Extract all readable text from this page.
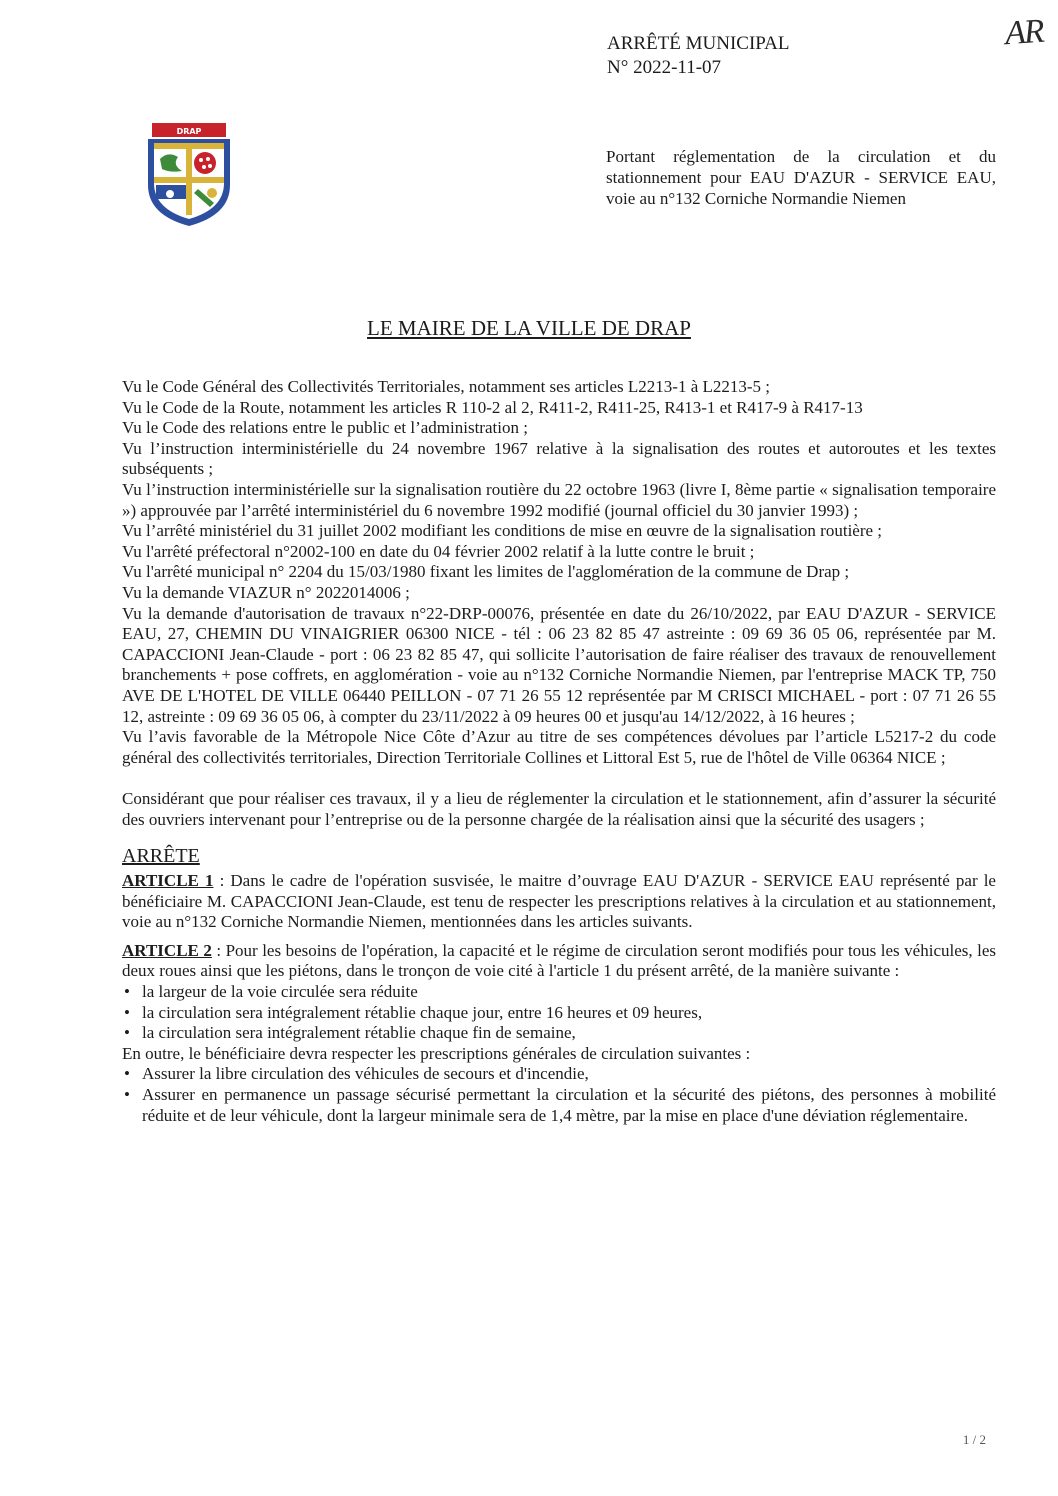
ARRÊTÉ MUNICIPAL
N° 2022-11-07
AR
DRAP
Portant réglementation de la circulation et du stationnement pour EAU D'AZUR - SERVICE EAU, voie au n°132 Corniche Normandie Niemen
LE MAIRE DE LA VILLE DE DRAP

Vu le Code Général des Collectivités Territoriales, notamment ses articles L2213-1 à L2213-5 ;

Vu le Code de la Route, notamment les articles R 110-2 al 2, R411-2, R411-25, R413-1 et R417-9 à R417-13

Vu le Code des relations entre le public et l’administration ;

Vu l’instruction interministérielle du 24 novembre 1967 relative à la signalisation des routes et autoroutes et les textes subséquents ;

Vu l’instruction interministérielle sur la signalisation routière du 22 octobre 1963 (livre I, 8ème partie « signalisation temporaire ») approuvée par l’arrêté interministériel du 6 novembre 1992 modifié (journal officiel du 30 janvier 1993) ;

Vu l’arrêté ministériel du 31 juillet 2002 modifiant les conditions de mise en œuvre de la signalisation routière ;

Vu l'arrêté préfectoral n°2002-100 en date du 04 février 2002 relatif à la lutte contre le bruit ;

Vu l'arrêté municipal n° 2204 du 15/03/1980 fixant les limites de l'agglomération de la commune de Drap ;

Vu la demande VIAZUR n° 2022014006 ;

Vu la demande d'autorisation de travaux n°22-DRP-00076, présentée en date du 26/10/2022, par EAU D'AZUR - SERVICE EAU, 27, CHEMIN DU VINAIGRIER 06300 NICE - tél : 06 23 82 85 47 astreinte : 09 69 36 05 06, représentée par M. CAPACCIONI Jean-Claude - port : 06 23 82 85 47, qui sollicite l’autorisation de faire réaliser des travaux de renouvellement branchements + pose coffrets, en agglomération - voie au n°132 Corniche Normandie Niemen, par l'entreprise MACK TP, 750 AVE DE L'HOTEL DE VILLE 06440 PEILLON - 07 71 26 55 12 représentée par M CRISCI MICHAEL - port : 07 71 26 55 12, astreinte : 09 69 36 05 06, à compter du 23/11/2022 à 09 heures 00 et jusqu'au 14/12/2022, à 16 heures ;

Vu l’avis favorable de la Métropole Nice Côte d’Azur au titre de ses compétences dévolues par l’article L5217-2 du code général des collectivités territoriales, Direction Territoriale Collines et Littoral Est 5, rue de l'hôtel de Ville 06364 NICE ;

Considérant que pour réaliser ces travaux, il y a lieu de réglementer la circulation et le stationnement, afin d’assurer la sécurité des ouvriers intervenant pour l’entreprise ou de la personne chargée de la réalisation ainsi que la sécurité des usagers ;

ARRÊTE

ARTICLE 1 : Dans le cadre de l'opération susvisée, le maitre d’ouvrage EAU D'AZUR - SERVICE EAU représenté par le bénéficiaire M. CAPACCIONI Jean-Claude, est tenu de respecter les prescriptions relatives à la circulation et au stationnement, voie au n°132 Corniche Normandie Niemen, mentionnées dans les articles suivants.

ARTICLE 2 : Pour les besoins de l'opération, la capacité et le régime de circulation seront modifiés pour tous les véhicules, les deux roues ainsi que les piétons, dans le tronçon de voie cité à l'article 1 du présent arrêté, de la manière suivante :

• la largeur de la voie circulée sera réduite
• la circulation sera intégralement rétablie chaque jour, entre 16 heures et 09 heures,
• la circulation sera intégralement rétablie chaque fin de semaine,

En outre, le bénéficiaire devra respecter les prescriptions générales de circulation suivantes :

• Assurer la libre circulation des véhicules de secours et d'incendie,
• Assurer en permanence un passage sécurisé permettant la circulation et la sécurité des piétons, des personnes à mobilité réduite et de leur véhicule, dont la largeur minimale sera de 1,4 mètre, par la mise en place d'une déviation réglementaire.
1 / 2
